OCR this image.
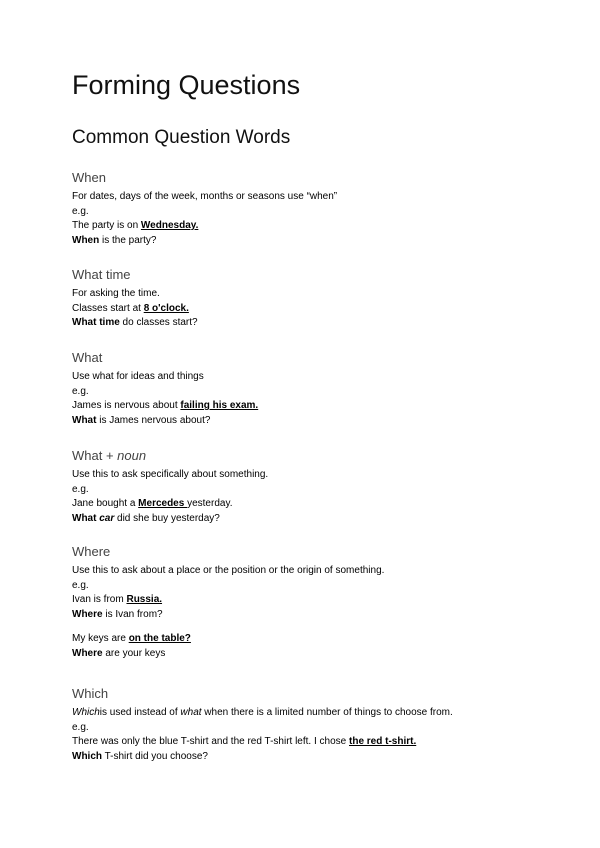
Forming Questions
Common Question Words
When

For dates, days of the week, months or seasons use “when”

e.g.

The party is on Wednesday.

When is the party?

What time

For asking the time.

Classes start at 8 o'clock.

What time do classes start?

What

Use what for ideas and things

e.g.

James is nervous about failing his exam.

What is James nervous about?

What + noun

Use this to ask specifically about something.

e.g.

Jane bought a Mercedes yesterday.

What car did she buy yesterday?

Where

Use this to ask about a place or the position or the origin of something.

e.g.

Ivan is from Russia.

Where is Ivan from?

My keys are on the table?

Where are your keys

Which

Whichis used instead of what when there is a limited number of things to choose from.

e.g.

There was only the blue T-shirt and the red T-shirt left. I chose the red t-shirt.

Which T-shirt did you choose?
